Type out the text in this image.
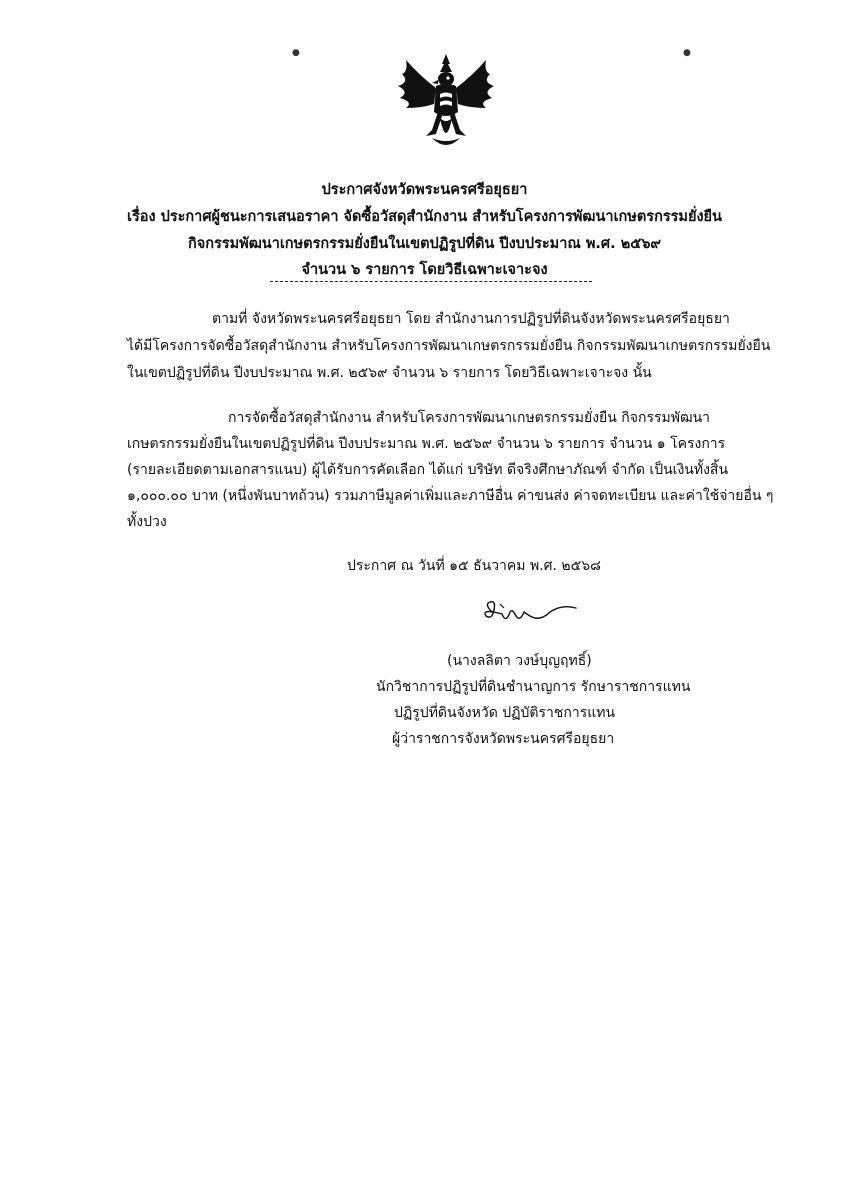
●	●
ประกาศจังหวัดพระนครศรีอยุธยา
เรื่อง ประกาศผู้ชนะการเสนอราคา จัดซื้อวัสดุสำนักงาน สำหรับโครงการพัฒนาเกษตรกรรมยั่งยืน
กิจกรรมพัฒนาเกษตรกรรมยั่งยืนในเขตปฏิรูปที่ดิน ปีงบประมาณ พ.ศ. ๒๕๖๙
จำนวน ๖ รายการ โดยวิธีเฉพาะเจาะจง
ตามที่ จังหวัดพระนครศรีอยุธยา โดย สำนักงานการปฏิรูปที่ดินจังหวัดพระนครศรีอยุธยา
ได้มีโครงการจัดซื้อวัสดุสำนักงาน สำหรับโครงการพัฒนาเกษตรกรรมยั่งยืน กิจกรรมพัฒนาเกษตรกรรมยั่งยืน
ในเขตปฏิรูปที่ดิน ปีงบประมาณ พ.ศ. ๒๕๖๙ จำนวน ๖ รายการ โดยวิธีเฉพาะเจาะจง นั้น
การจัดซื้อวัสดุสำนักงาน สำหรับโครงการพัฒนาเกษตรกรรมยั่งยืน กิจกรรมพัฒนา
เกษตรกรรมยั่งยืนในเขตปฏิรูปที่ดิน ปีงบประมาณ พ.ศ. ๒๕๖๙ จำนวน ๖ รายการ จำนวน ๑ โครงการ
(รายละเอียดตามเอกสารแนบ) ผู้ได้รับการคัดเลือก ได้แก่ บริษัท ดีจริงศึกษาภัณฑ์ จำกัด เป็นเงินทั้งสิ้น
๑,๐๐๐.๐๐ บาท (หนึ่งพันบาทถ้วน) รวมภาษีมูลค่าเพิ่มและภาษีอื่น ค่าขนส่ง ค่าจดทะเบียน และค่าใช้จ่ายอื่น ๆ
ทั้งปวง
ประกาศ ณ วันที่ ๑๕ ธันวาคม พ.ศ. ๒๕๖๘
(นางลลิตา วงษ์บุญฤทธิ์)
นักวิชาการปฏิรูปที่ดินชำนาญการ รักษาราชการแทน
ปฏิรูปที่ดินจังหวัด ปฏิบัติราชการแทน
ผู้ว่าราชการจังหวัดพระนครศรีอยุธยา
